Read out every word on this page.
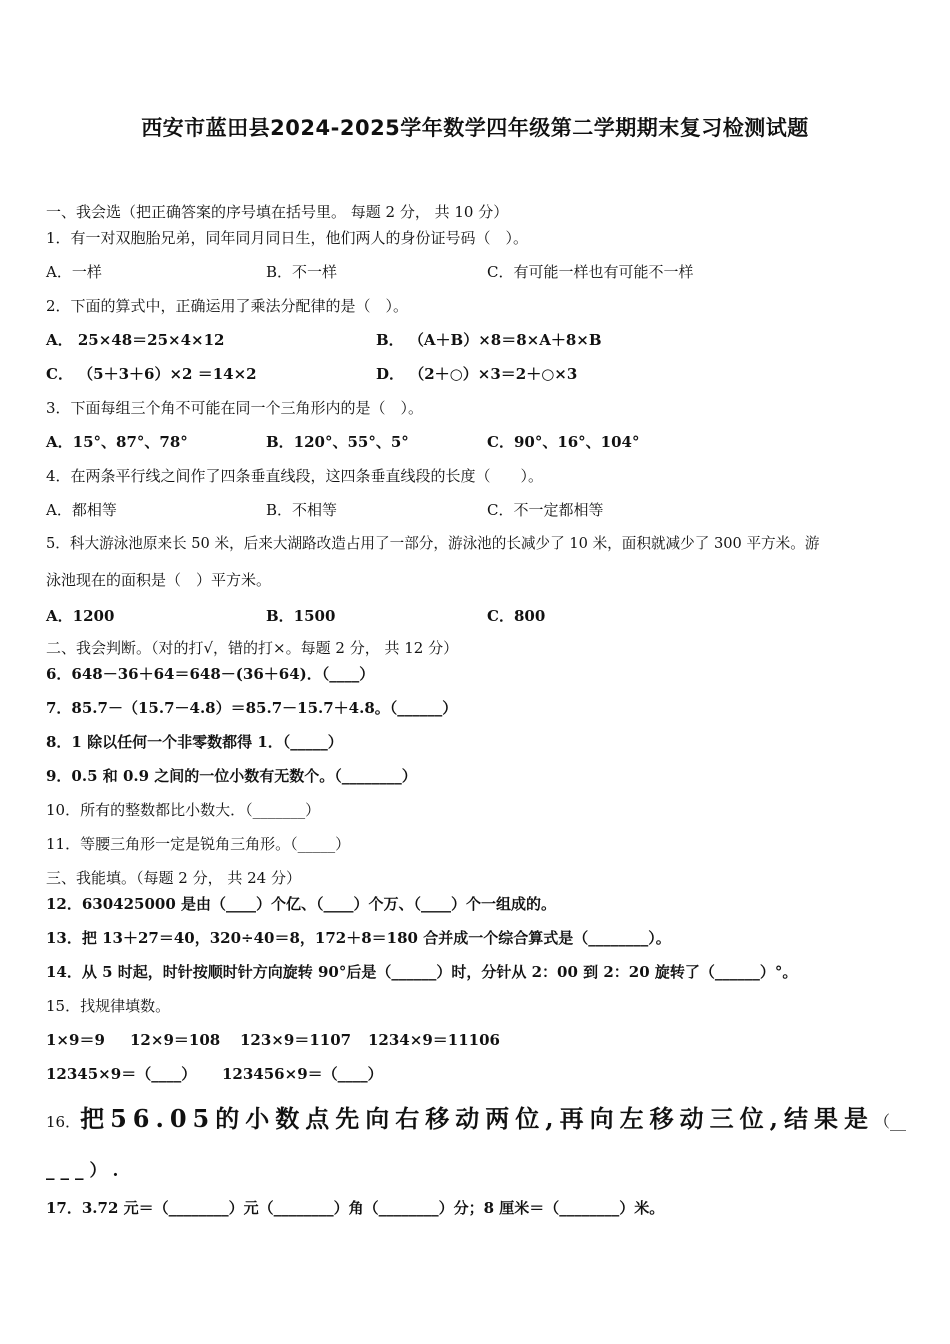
西安市蓝田县2024-2025学年数学四年级第二学期期末复习检测试题
一、我会选（把正确答案的序号填在括号里。 每题 2 分， 共 10 分）
1．有一对双胞胎兄弟，同年同月同日生，他们两人的身份证号码（　）。
A．一样	B．不一样	C．有可能一样也有可能不一样
2．下面的算式中，正确运用了乘法分配律的是（　）。
A． 25×48＝25×4×12	B． （A＋B）×8＝8×A＋8×B
C． （5＋3＋6）×2 ＝14×2	D． （2＋○）×3＝2＋○×3
3．下面每组三个角不可能在同一个三角形内的是（　）。
A．15°、87°、78°	B．120°、55°、5°	C．90°、16°、104°
4．在两条平行线之间作了四条垂直线段，这四条垂直线段的长度（　　）。
A．都相等	B．不相等	C．不一定都相等
5．科大游泳池原来长 50 米，后来大湖路改造占用了一部分，游泳池的长减少了 10 米，面积就减少了 300 平方米。游
泳池现在的面积是（　）平方米。
A．1200	B．1500	C．800
二、我会判断。（对的打√，错的打×。每题 2 分， 共 12 分）
6．648－36＋64＝648－(36＋64)．（____）
7．85.7－（15.7－4.8）＝85.7－15.7＋4.8。（______）
8．1 除以任何一个非零数都得 1．（_____）
9．0.5 和 0.9 之间的一位小数有无数个。（________）
10．所有的整数都比小数大．（_______）
11．等腰三角形一定是锐角三角形。（_____）
三、我能填。（每题 2 分， 共 24 分）
12．630425000 是由（____）个亿、（____）个万、（____）个一组成的。
13．把 13＋27＝40，320÷40＝8，172＋8＝180 合并成一个综合算式是（________）。
14．从 5 时起，时针按顺时针方向旋转 90°后是（______）时，分针从 2：00 到 2：20 旋转了（______）°。
15．找规律填数。
1×9＝9 12×9＝108 123×9＝1107 1234×9＝11106
12345×9＝（____） 123456×9＝（____）
16．把56.05的小数点先向右移动两位,再向左移动三位,结果是（__
___）.
17．3.72 元＝（________）元（________）角（________）分；8 厘米＝（________）米。
